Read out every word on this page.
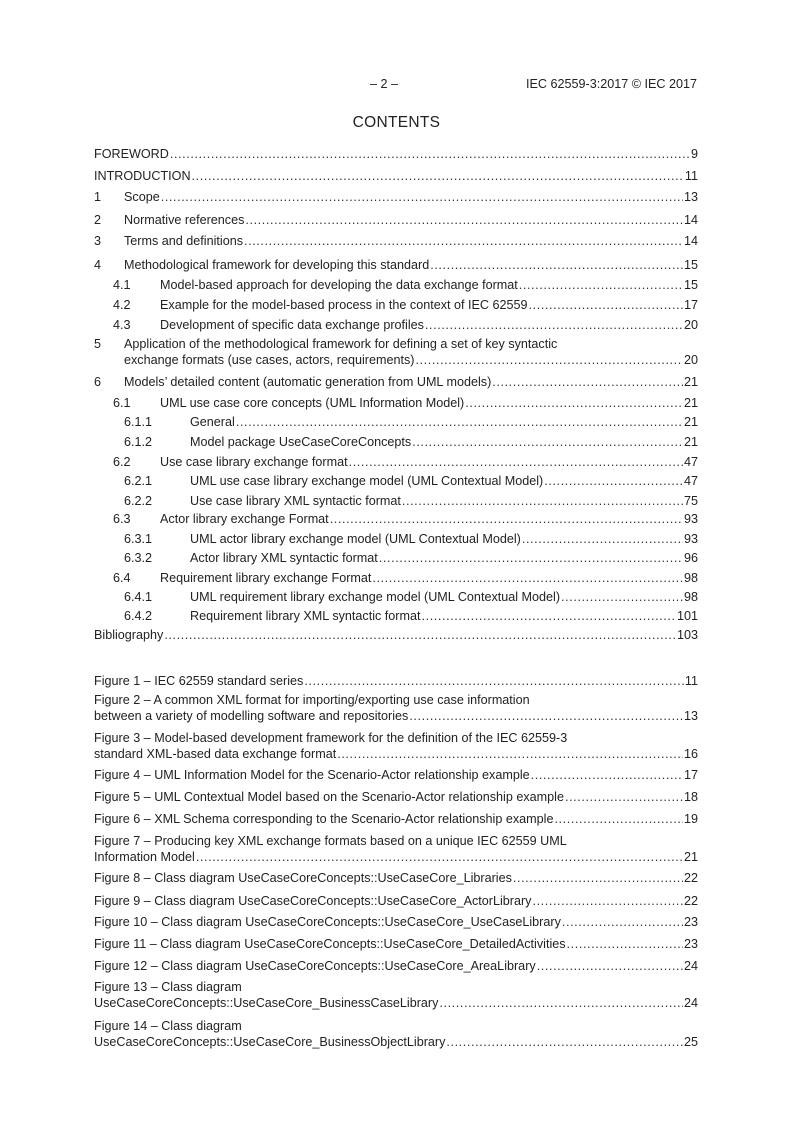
– 2 –	IEC 62559-3:2017 © IEC 2017
CONTENTS
FOREWORD . . .	9
INTRODUCTION . . .	11
1 Scope . . .	13
2 Normative references . . .	14
3 Terms and definitions . . .	14
4 Methodological framework for developing this standard . . .	15
4.1 Model-based approach for developing the data exchange format . . .	15
4.2 Example for the model-based process in the context of IEC 62559 . . .	17
4.3 Development of specific data exchange profiles . . .	20
5 Application of the methodological framework for defining a set of key syntactic
exchange formats (use cases, actors, requirements) . . .	20
6 Models’ detailed content (automatic generation from UML models) . . .	21
6.1 UML use case core concepts (UML Information Model) . . .	21
6.1.1	General . . .	21
6.1.2	Model package UseCaseCoreConcepts . . .	21
6.2 Use case library exchange format . . .	47
6.2.1	UML use case library exchange model (UML Contextual Model) . . .	47
6.2.2	Use case library XML syntactic format . . .	75
6.3 Actor library exchange Format . . .	93
6.3.1	UML actor library exchange model (UML Contextual Model) . . .	93
6.3.2	Actor library XML syntactic format . . .	96
6.4 Requirement library exchange Format . . .	98
6.4.1	UML requirement library exchange model (UML Contextual Model) . . .	98
6.4.2	Requirement library XML syntactic format . . .	101
Bibliography . . .	103
Figure 1 – IEC 62559 standard series . . .	11
Figure 2 – A common XML format for importing/exporting use case information
between a variety of modelling software and repositories . . .	13
Figure 3 – Model-based development framework for the definition of the IEC 62559-3
standard XML-based data exchange format . . .	16
Figure 4 – UML Information Model for the Scenario-Actor relationship example . . .	17
Figure 5 – UML Contextual Model based on the Scenario-Actor relationship example . . .	18
Figure 6 – XML Schema corresponding to the Scenario-Actor relationship example . . .	19
Figure 7 – Producing key XML exchange formats based on a unique IEC 62559 UML
Information Model . . .	21
Figure 8 – Class diagram UseCaseCoreConcepts::UseCaseCore_Libraries . . .	22
Figure 9 – Class diagram UseCaseCoreConcepts::UseCaseCore_ActorLibrary . . .	22
Figure 10 – Class diagram UseCaseCoreConcepts::UseCaseCore_UseCaseLibrary . . .	23
Figure 11 – Class diagram UseCaseCoreConcepts::UseCaseCore_DetailedActivities . . .	23
Figure 12 – Class diagram UseCaseCoreConcepts::UseCaseCore_AreaLibrary . . .	24
Figure 13 – Class diagram
UseCaseCoreConcepts::UseCaseCore_BusinessCaseLibrary . . .	24
Figure 14 – Class diagram
UseCaseCoreConcepts::UseCaseCore_BusinessObjectLibrary . . .	25
